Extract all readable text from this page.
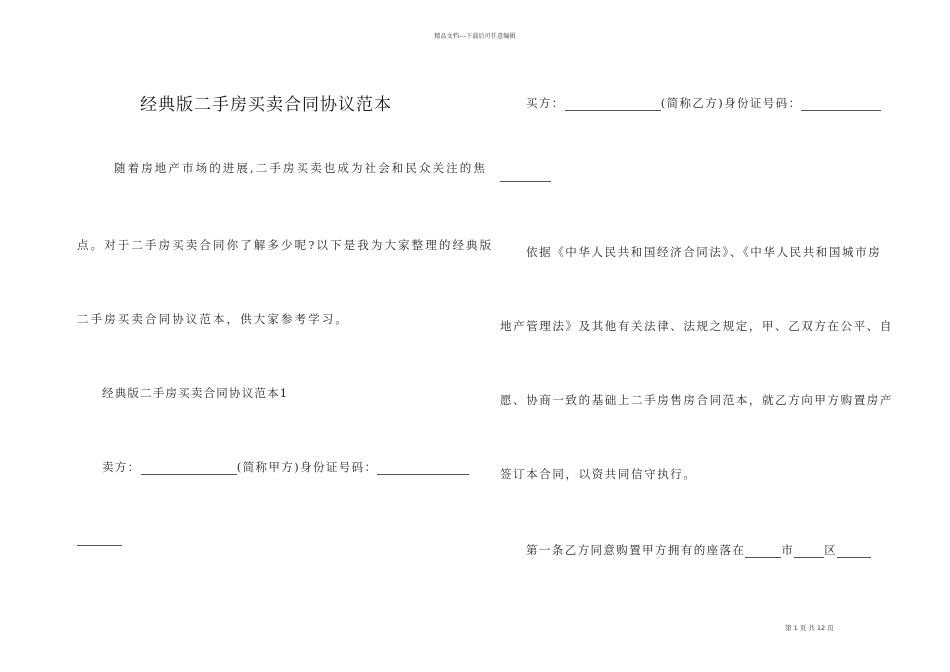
精品文档---下载后可任意编辑
经典版二手房买卖合同协议范本
随着房地产市场的进展,二手房买卖也成为社会和民众关注的焦
点。对于二手房买卖合同你了解多少呢?以下是我为大家整理的经典版
二手房买卖合同协议范本，供大家参考学习。
经典版二手房买卖合同协议范本1
卖方：	(简称甲方)身份证号码：
买方：	(简称乙方)身份证号码：
依据《中华人民共和国经济合同法》、《中华人民共和国城市房
地产管理法》及其他有关法律、法规之规定，甲、乙双方在公平、自
愿、协商一致的基础上二手房售房合同范本，就乙方向甲方购置房产
签订本合同，以资共同信守执行。
第一条乙方同意购置甲方拥有的座落在	市	区
第 1 页 共 12 页
